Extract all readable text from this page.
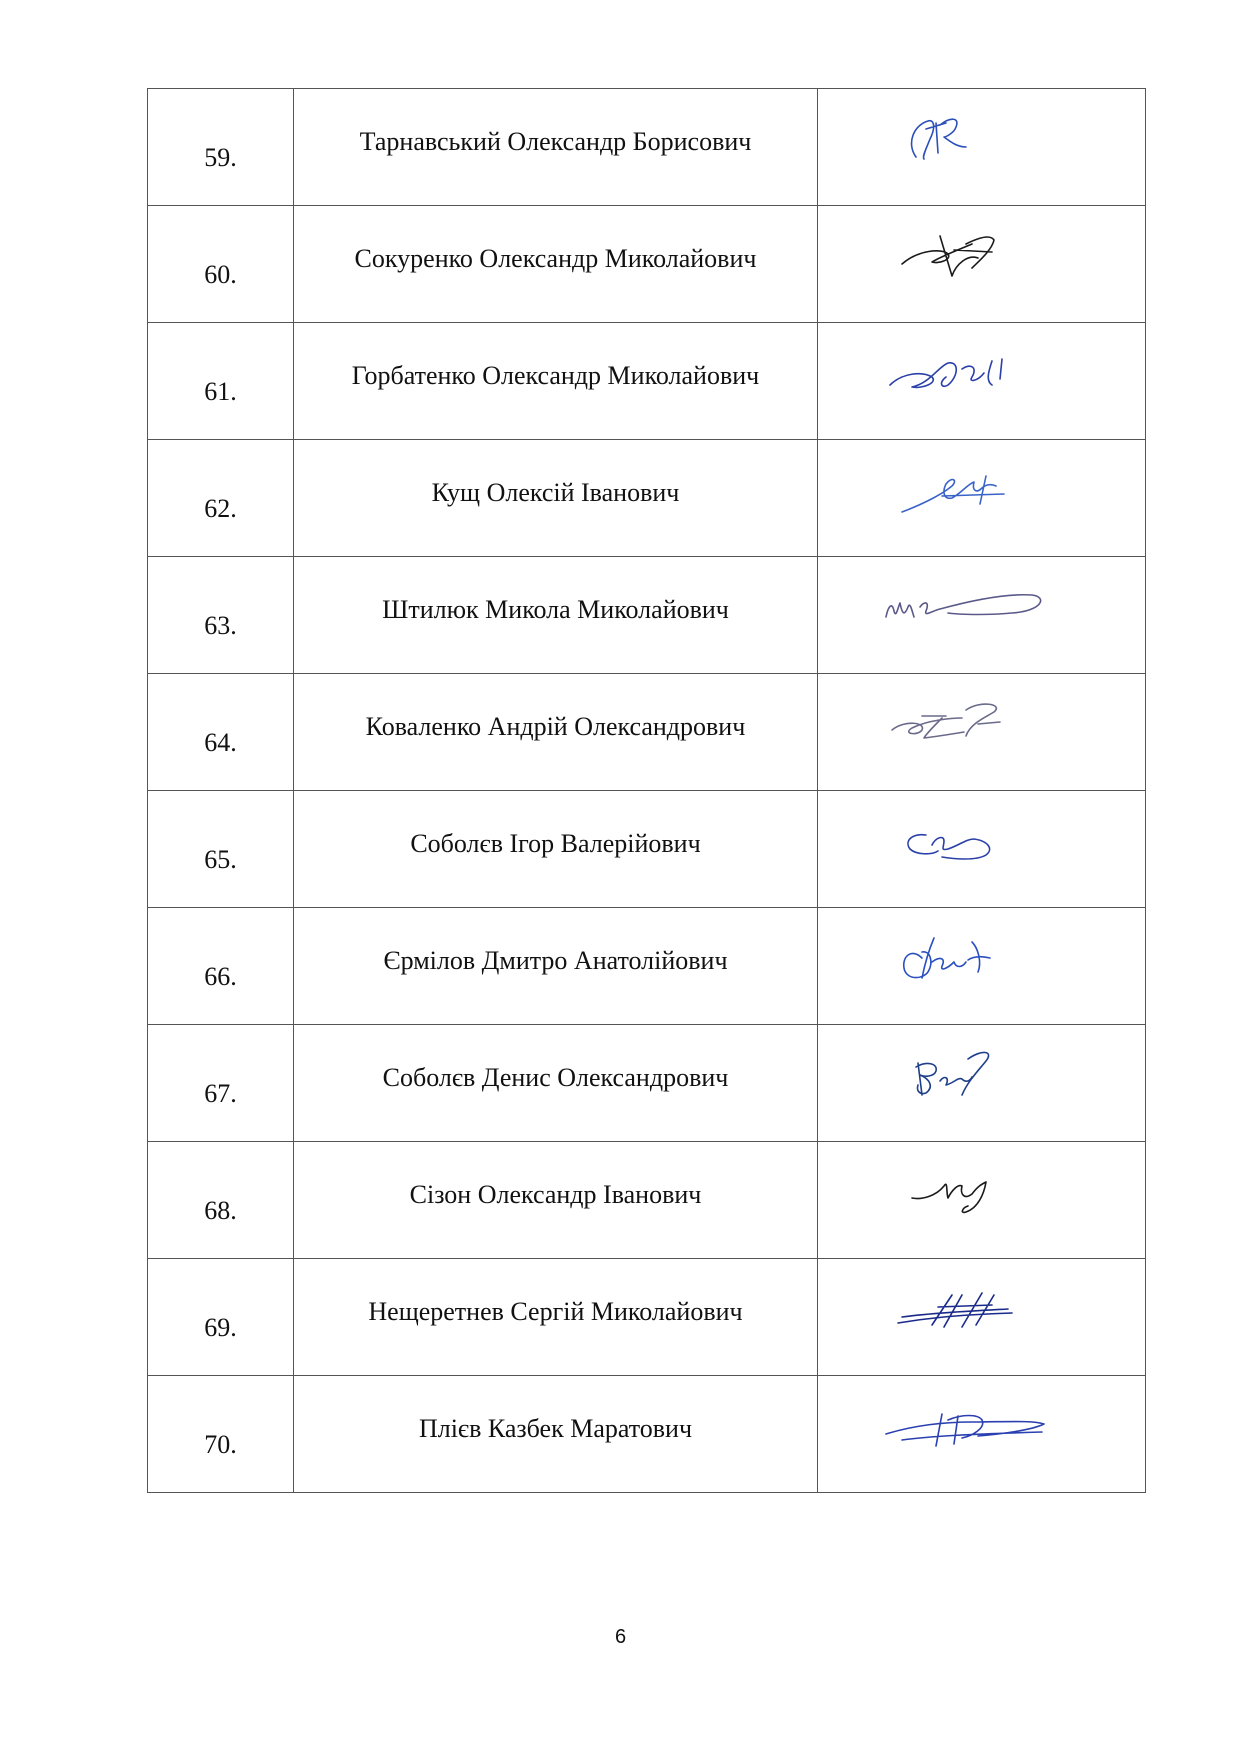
59.	Тарнавський Олександр Борисович

60.	Сокуренко Олександр Миколайович

61.	Горбатенко Олександр Миколайович

62.	Кущ Олексій Іванович

63.	Штилюк Микола Миколайович

64.	Коваленко Андрій Олександрович

65.	Соболєв Ігор Валерійович

66.	Єрмілов Дмитро Анатолійович

67.	Соболєв Денис Олександрович

68.	Сізон Олександр Іванович

69.	Нещеретнев Сергій Миколайович

70.	Плієв Казбек Маратович

6
